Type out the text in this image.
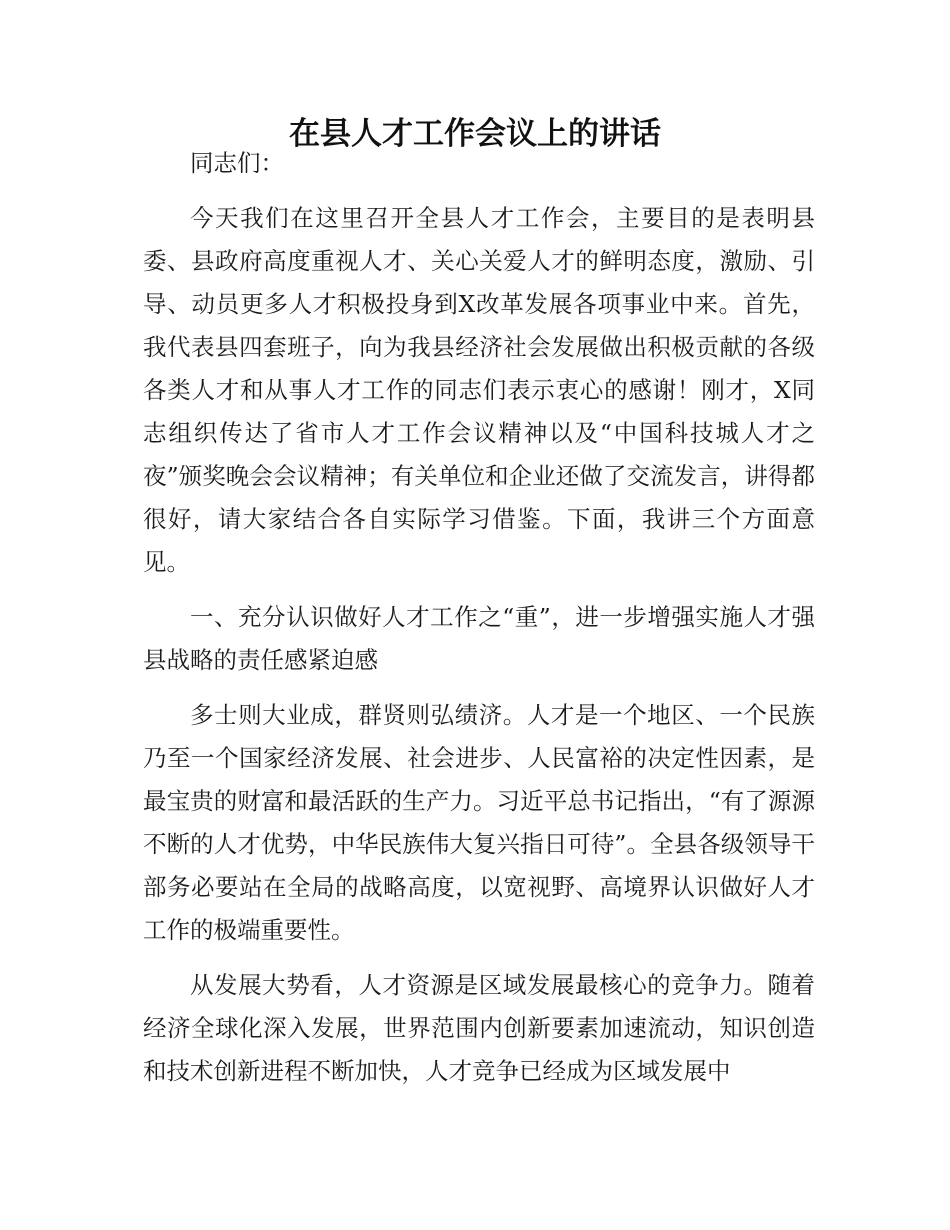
在县人才工作会议上的讲话

同志们：

今天我们在这里召开全县人才工作会，主要目的是表明县委、县政府高度重视人才、关心关爱人才的鲜明态度，激励、引导、动员更多人才积极投身到X改革发展各项事业中来。首先，我代表县四套班子，向为我县经济社会发展做出积极贡献的各级各类人才和从事人才工作的同志们表示衷心的感谢！刚才，X同志组织传达了省市人才工作会议精神以及“中国科技城人才之夜”颁奖晚会会议精神；有关单位和企业还做了交流发言，讲得都很好，请大家结合各自实际学习借鉴。下面，我讲三个方面意见。

一、充分认识做好人才工作之“重”，进一步增强实施人才强县战略的责任感紧迫感

多士则大业成，群贤则弘绩济。人才是一个地区、一个民族乃至一个国家经济发展、社会进步、人民富裕的决定性因素，是最宝贵的财富和最活跃的生产力。习近平总书记指出，“有了源源不断的人才优势，中华民族伟大复兴指日可待”。全县各级领导干部务必要站在全局的战略高度，以宽视野、高境界认识做好人才工作的极端重要性。

从发展大势看，人才资源是区域发展最核心的竞争力。随着经济全球化深入发展，世界范围内创新要素加速流动，知识创造和技术创新进程不断加快，人才竞争已经成为区域发展中
